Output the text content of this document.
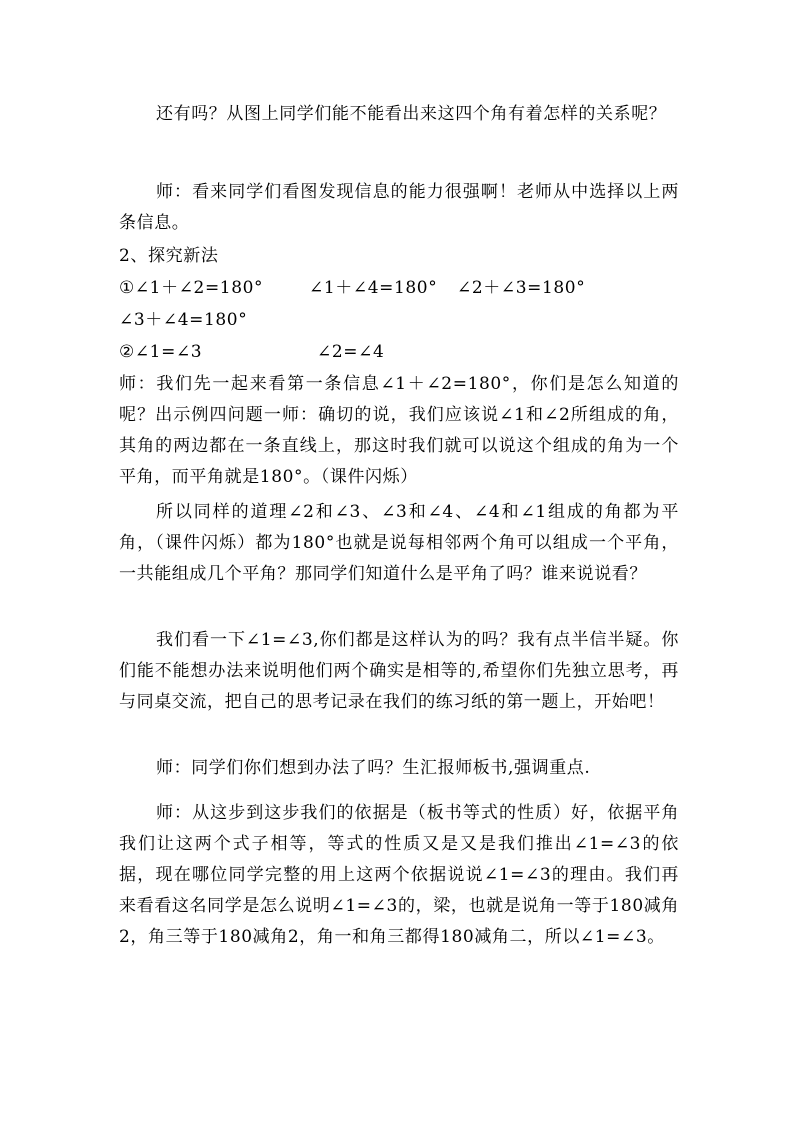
还有吗？从图上同学们能不能看出来这四个角有着怎样的关系呢？

师：看来同学们看图发现信息的能力很强啊！老师从中选择以上两条信息。

2、探究新法

①∠1＋∠2=180°	∠1＋∠4=180° ∠2＋∠3=180°

∠3＋∠4=180°

②∠1=∠3	∠2=∠4

师：我们先一起来看第一条信息∠1＋∠2=180°，你们是怎么知道的呢？出示例四问题一师：确切的说，我们应该说∠1和∠2所组成的角，其角的两边都在一条直线上，那这时我们就可以说这个组成的角为一个平角，而平角就是180°。（课件闪烁）

所以同样的道理∠2和∠3、∠3和∠4、∠4和∠1组成的角都为平角，（课件闪烁）都为180°也就是说每相邻两个角可以组成一个平角，一共能组成几个平角？那同学们知道什么是平角了吗？谁来说说看？

我们看一下∠1=∠3,你们都是这样认为的吗？我有点半信半疑。你们能不能想办法来说明他们两个确实是相等的,希望你们先独立思考，再与同桌交流，把自己的思考记录在我们的练习纸的第一题上，开始吧！

师：同学们你们想到办法了吗？生汇报师板书,强调重点.

师：从这步到这步我们的依据是（板书等式的性质）好，依据平角我们让这两个式子相等，等式的性质又是又是我们推出∠1=∠3的依据，现在哪位同学完整的用上这两个依据说说∠1=∠3的理由。我们再来看看这名同学是怎么说明∠1=∠3的，梁，也就是说角一等于180减角2，角三等于180减角2，角一和角三都得180减角二，所以∠1=∠3。
